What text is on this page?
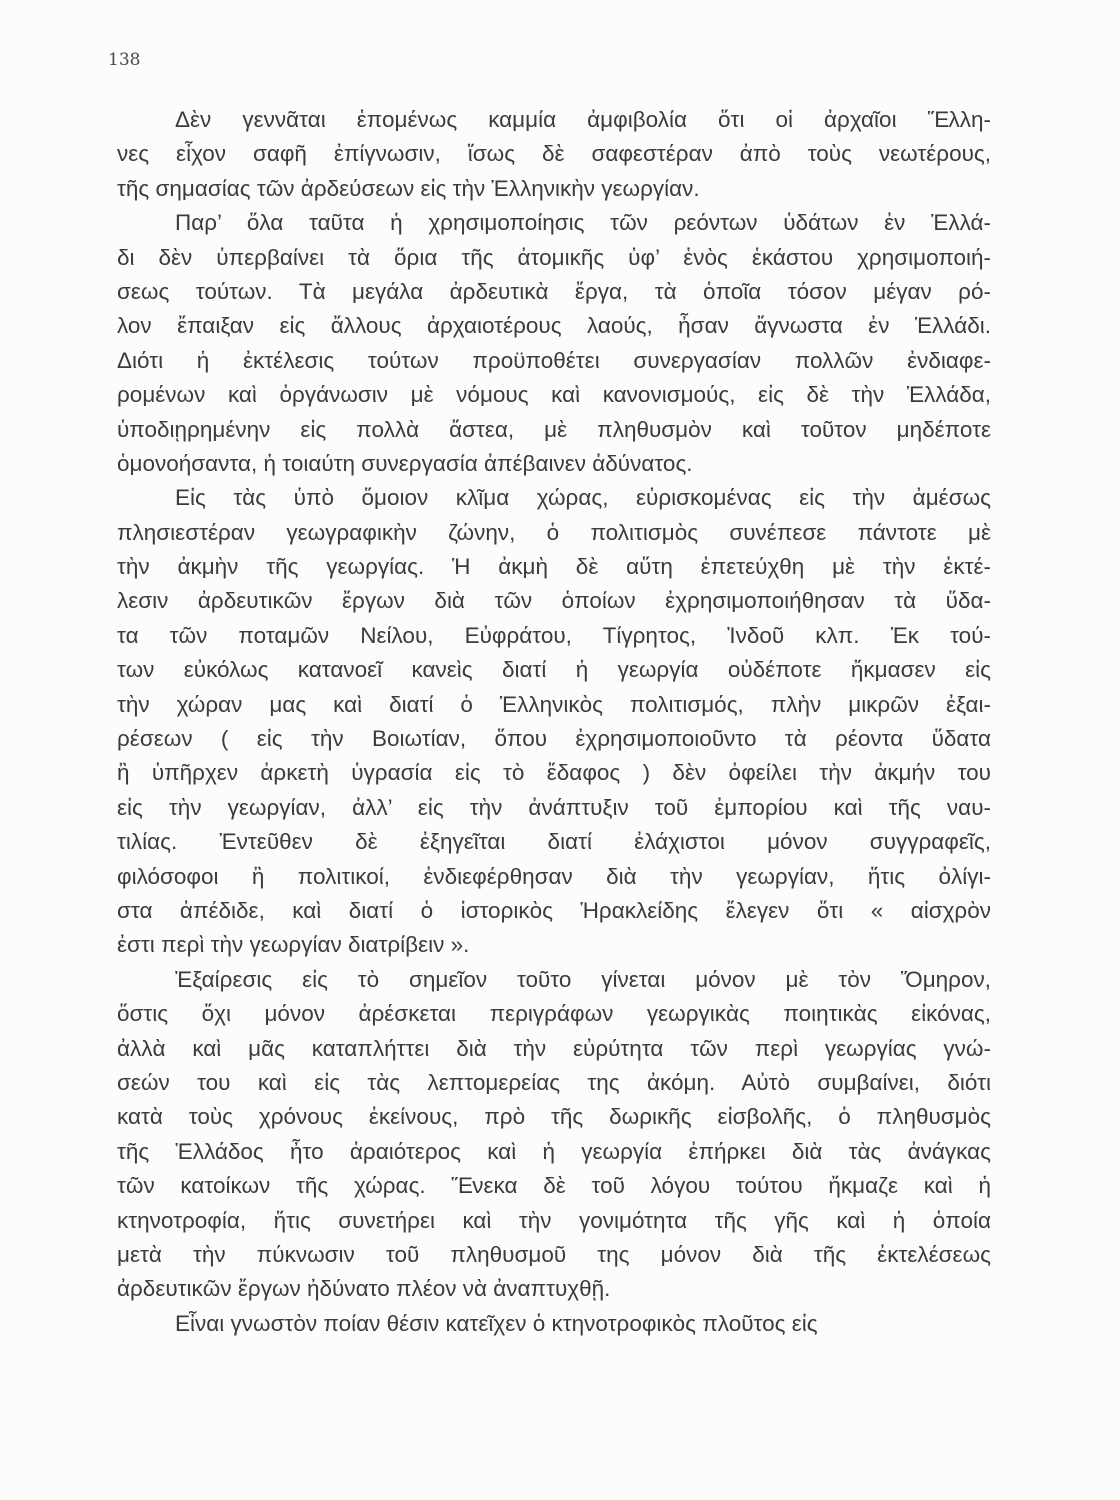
138
Δὲν γεννᾶται ἑπομένως καμμία ἀμφιβολία ὅτι οἱ ἀρχαῖοι Ἕλλη-
νες εἶχον σαφῆ ἐπίγνωσιν, ἴσως δὲ σαφεστέραν ἀπὸ τοὺς νεωτέρους,
τῆς σημασίας τῶν ἀρδεύσεων εἰς τὴν Ἑλληνικὴν γεωργίαν.
Παρ’ ὅλα ταῦτα ἡ χρησιμοποίησις τῶν ρεόντων ὑδάτων ἐν Ἑλλά-
δι δὲν ὑπερβαίνει τὰ ὅρια τῆς ἀτομικῆς ὑφ’ ἑνὸς ἑκάστου χρησιμοποιή-
σεως τούτων. Τὰ μεγάλα ἀρδευτικὰ ἔργα, τὰ ὁποῖα τόσον μέγαν ρό-
λον ἔπαιξαν εἰς ἄλλους ἀρχαιοτέρους λαούς, ἦσαν ἄγνωστα ἐν Ἑλλάδι.
Διότι ἡ ἐκτέλεσις τούτων προϋποθέτει συνεργασίαν πολλῶν ἐνδιαφε-
ρομένων καὶ ὀργάνωσιν μὲ νόμους καὶ κανονισμούς, εἰς δὲ τὴν Ἑλλάδα,
ὑποδιῃρημένην εἰς πολλὰ ἄστεα, μὲ πληθυσμὸν καὶ τοῦτον μηδέποτε
ὁμονοήσαντα, ἡ τοιαύτη συνεργασία ἀπέβαινεν ἀδύνατος.
Εἰς τὰς ὑπὸ ὅμοιον κλῖμα χώρας, εὑρισκομένας εἰς τὴν ἀμέσως
πλησιεστέραν γεωγραφικὴν ζώνην, ὁ πολιτισμὸς συνέπεσε πάντοτε μὲ
τὴν ἀκμὴν τῆς γεωργίας. Ἡ ἀκμὴ δὲ αὕτη ἐπετεύχθη μὲ τὴν ἐκτέ-
λεσιν ἀρδευτικῶν ἔργων διὰ τῶν ὁποίων ἐχρησιμοποιήθησαν τὰ ὕδα-
τα τῶν ποταμῶν Νείλου, Εὐφράτου, Τίγρητος, Ἰνδοῦ κλπ. Ἐκ τού-
των εὐκόλως κατανοεῖ κανεὶς διατί ἡ γεωργία οὐδέποτε ἤκμασεν εἰς
τὴν χώραν μας καὶ διατί ὁ Ἑλληνικὸς πολιτισμός, πλὴν μικρῶν ἐξαι-
ρέσεων ( εἰς τὴν Βοιωτίαν, ὅπου ἐχρησιμοποιοῦντο τὰ ρέοντα ὕδατα
ἢ ὑπῆρχεν ἀρκετὴ ὑγρασία εἰς τὸ ἔδαφος ) δὲν ὀφείλει τὴν ἀκμήν του
εἰς τὴν γεωργίαν, ἀλλ’ εἰς τὴν ἀνάπτυξιν τοῦ ἐμπορίου καὶ τῆς ναυ-
τιλίας. Ἐντεῦθεν δὲ ἐξηγεῖται διατί ἐλάχιστοι μόνον συγγραφεῖς,
φιλόσοφοι ἢ πολιτικοί, ἐνδιεφέρθησαν διὰ τὴν γεωργίαν, ἥτις ὀλίγι-
στα ἀπέδιδε, καὶ διατί ὁ ἱστορικὸς Ἡρακλείδης ἔλεγεν ὅτι « αἰσχρὸν
ἐστι περὶ τὴν γεωργίαν διατρίβειν ».
Ἐξαίρεσις εἰς τὸ σημεῖον τοῦτο γίνεται μόνον μὲ τὸν Ὅμηρον,
ὅστις ὄχι μόνον ἀρέσκεται περιγράφων γεωργικὰς ποιητικὰς εἰκόνας,
ἀλλὰ καὶ μᾶς καταπλήττει διὰ τὴν εὐρύτητα τῶν περὶ γεωργίας γνώ-
σεών του καὶ εἰς τὰς λεπτομερείας της ἀκόμη. Αὐτὸ συμβαίνει, διότι
κατὰ τοὺς χρόνους ἐκείνους, πρὸ τῆς δωρικῆς εἰσβολῆς, ὁ πληθυσμὸς
τῆς Ἑλλάδος ἦτο ἀραιότερος καὶ ἡ γεωργία ἐπήρκει διὰ τὰς ἀνάγκας
τῶν κατοίκων τῆς χώρας. Ἕνεκα δὲ τοῦ λόγου τούτου ἤκμαζε καὶ ἡ
κτηνοτροφία, ἥτις συνετήρει καὶ τὴν γονιμότητα τῆς γῆς καὶ ἡ ὁποία
μετὰ τὴν πύκνωσιν τοῦ πληθυσμοῦ της μόνον διὰ τῆς ἐκτελέσεως
ἀρδευτικῶν ἔργων ἠδύνατο πλέον νὰ ἀναπτυχθῇ.
Εἶναι γνωστὸν ποίαν θέσιν κατεῖχεν ὁ κτηνοτροφικὸς πλοῦτος εἰς
